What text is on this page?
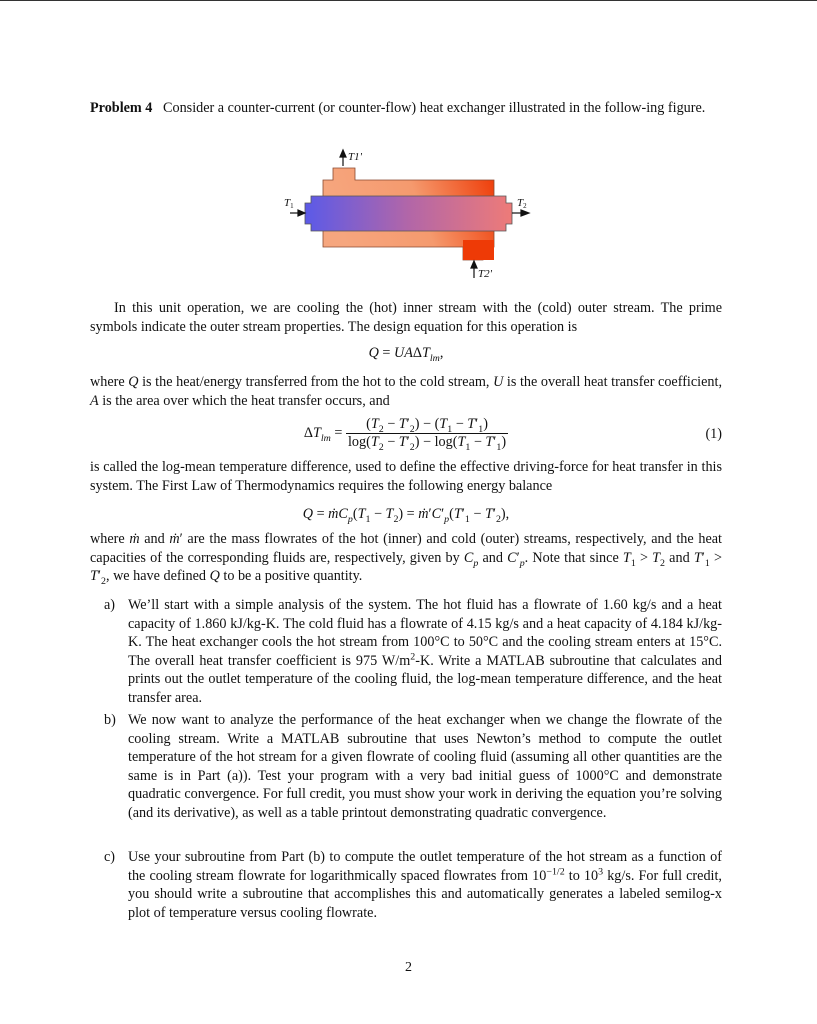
Problem 4 Consider a counter-current (or counter-flow) heat exchanger illustrated in the follow-ing figure.
T1	T2
T1'
T2'
In this unit operation, we are cooling the (hot) inner stream with the (cold) outer stream. The prime symbols indicate the outer stream properties. The design equation for this operation is
$Q = UA\Delta T_{lm}$,
where Q is the heat/energy transferred from the hot to the cold stream, U is the overall heat transfer coefficient, A is the area over which the heat transfer occurs, and
$\Delta T_{lm} = \frac{(T_2 - T'_2) - (T_1 - T'_1)}{\log(T_2 - T'_2) - \log(T_1 - T'_1)}$	(1)
is called the log-mean temperature difference, used to define the effective driving-force for heat transfer in this system. The First Law of Thermodynamics requires the following energy balance
$Q = ṁC_p(T_1 - T_2)$ = $ṁ'C'_p(T'_1 - T'_2)$,
where ṁ and ṁ′ are the mass flowrates of the hot (inner) and cold (outer) streams, respectively, and the heat capacities of the corresponding fluids are, respectively, given by $C_p$ and $C'_p$. Note that since $T_1 > T_2$ and $T'_1 > T'_2$, we have defined Q to be a positive quantity.
a) We’ll start with a simple analysis of the system. The hot fluid has a flowrate of 1.60 kg/s and a heat capacity of 1.860 kJ/kg-K. The cold fluid has a flowrate of 4.15 kg/s and a heat capacity of 4.184 kJ/kg-K. The heat exchanger cools the hot stream from 100°C to 50°C and the cooling stream enters at 15°C. The overall heat transfer coefficient is 975 $W/m^2-K$. Write a MATLAB subroutine that calculates and prints out the outlet temperature of the cooling fluid, the log-mean temperature difference, and the heat transfer area.
b) We now want to analyze the performance of the heat exchanger when we change the flowrate of the cooling stream. Write a MATLAB subroutine that uses Newton’s method to compute the outlet temperature of the hot stream for a given flowrate of cooling fluid (assuming all other quantities are the same is in Part (a)). Test your program with a very bad initial guess of 1000°C and demonstrate quadratic convergence. For full credit, you must show your work in deriving the equation you’re solving (and its derivative), as well as a table printout demonstrating quadratic convergence.
c) Use your subroutine from Part (b) to compute the outlet temperature of the hot stream as a function of the cooling stream flowrate for logarithmically spaced flowrates from $10^{-1/2}$ to $10^3$ kg/s. For full credit, you should write a subroutine that accomplishes this and automatically generates a labeled semilog-x plot of temperature versus cooling flowrate.
2
